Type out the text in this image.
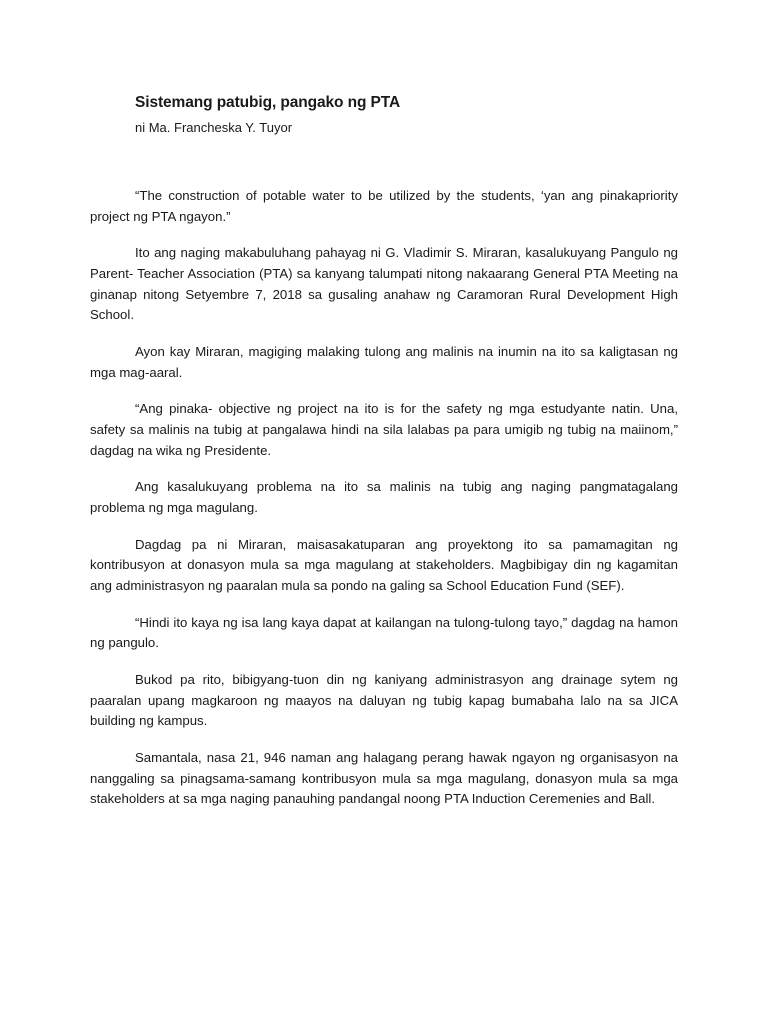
Sistemang patubig, pangako ng PTA
ni Ma. Francheska Y. Tuyor

“The construction of potable water to be utilized by the students, ‘yan ang pinakapriority project ng PTA ngayon.”

Ito ang naging makabuluhang pahayag ni G. Vladimir S. Miraran, kasalukuyang Pangulo ng Parent- Teacher Association (PTA) sa kanyang talumpati nitong nakaarang General PTA Meeting na ginanap nitong Setyembre 7, 2018 sa gusaling anahaw ng Caramoran Rural Development High School.

Ayon kay Miraran, magiging malaking tulong ang malinis na inumin na ito sa kaligtasan ng mga mag-aaral.

“Ang pinaka- objective ng project na ito is for the safety ng mga estudyante natin. Una, safety sa malinis na tubig at pangalawa hindi na sila lalabas pa para umigib ng tubig na maiinom,” dagdag na wika ng Presidente.

Ang kasalukuyang problema na ito sa malinis na tubig ang naging pangmatagalang problema ng mga magulang.

Dagdag pa ni Miraran, maisasakatuparan ang proyektong ito sa pamamagitan ng kontribusyon at donasyon mula sa mga magulang at stakeholders. Magbibigay din ng kagamitan ang administrasyon ng paaralan mula sa pondo na galing sa School Education Fund (SEF).

“Hindi ito kaya ng isa lang kaya dapat at kailangan na tulong-tulong tayo,” dagdag na hamon ng pangulo.

Bukod pa rito, bibigyang-tuon din ng kaniyang administrasyon ang drainage sytem ng paaralan upang magkaroon ng maayos na daluyan ng tubig kapag bumabaha lalo na sa JICA building ng kampus.

Samantala, nasa 21, 946 naman ang halagang perang hawak ngayon ng organisasyon na nanggaling sa pinagsama-samang kontribusyon mula sa mga magulang, donasyon mula sa mga stakeholders at sa mga naging panauhing pandangal noong PTA Induction Ceremenies and Ball.
